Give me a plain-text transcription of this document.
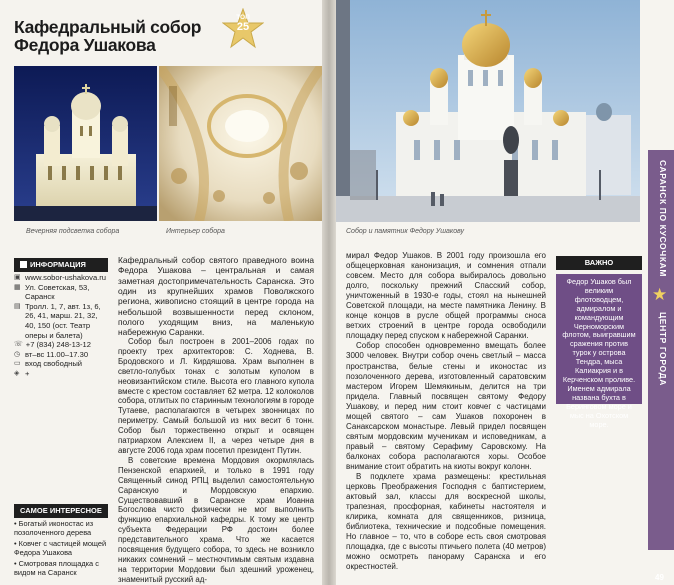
Кафедральный собор
Федора Ушакова
ТОП
25
Вечерняя подсветка собора	Интерьер собора
ИНФОРМАЦИЯ
▣ www.sobor-ushakova.ru
▦ Ул. Советская, 53, Саранск
▤ Тролл. 1, 7, авт. 1з, 6, 26, 41, марш. 21, 32, 40, 150 (ост. Театр оперы и балета)
☏ +7 (834) 248-13-12
◷ вт–вс 11.00–17.30
▭ вход свободный
◈ +
САМОЕ ИНТЕРЕСНОЕ
• Богатый иконостас из позолоченного дерева
• Ковчег с частицей мощей Федора Ушакова
• Смотровая площадка с видом на Саранск

Кафедральный собор святого праведного воина Федора Ушакова – центральная и самая заметная достопримечательность Саранска. Это один из крупнейших храмов Поволжского региона, живописно стоящий в центре города на небольшой возвышенности перед склоном, полого уходящим вниз, на маленькую набережную Саранки.

Собор был построен в 2001–2006 годах по проекту трех архитекторов: С. Ходнева, В. Бродовского и Л. Кирдяшова. Храм выполнен в светло-голубых тонах с золотым куполом в неовизантийском стиле. Высота его главного купола вместе с крестом составляет 62 метра. 12 колоколов собора, отлитых по старинным технологиям в городе Тутаеве, располагаются в четырех звонницах по периметру. Самый большой из них весит 6 тонн. Собор был торжественно открыт и освящен патриархом Алексием II, а через четыре дня в августе 2006 года храм посетил президент Путин.

В советские времена Мордовия окормлялась Пензенской епархией, и только в 1991 году Священный синод РПЦ выделил самостоятельную Саранскую и Мордовскую епархию. Существовавший в Саранске храм Иоанна Богослова чисто физически не мог выполнить функцию епархиальной кафедры. К тому же центр субъекта Федерации РФ достоин более представительного храма. Что же касается посвящения будущего собора, то здесь не возникло никаких сомнений – местночтимым святым издавна на территории Мордовии был здешний уроженец, знаменитый русский ад-

Собор и памятник Федору Ушакову

мирал Федор Ушаков. В 2001 году произошла его общецерковная канонизация, и сомнения отпали совсем. Место для собора выбиралось довольно долго, поскольку прежний Спасский собор, уничтоженный в 1930-е годы, стоял на нынешней Советской площади, на месте памятника Ленину. В конце концов в русле общей программы сноса ветхих строений в центре города освободили площадку перед спуском к набережной Саранки.

Собор способен одновременно вмещать более 3000 человек. Внутри собор очень светлый – масса пространства, белые стены и иконостас из позолоченного дерева, изготовленный саратовским мастером Игорем Шемякиным, делится на три придела. Главный посвящен святому Федору Ушакову, и перед ним стоит ковчег с частицами мощей святого – сам Ушаков похоронен в Санаксарском монастыре. Левый придел посвящен святым мордовским мученикам и исповедникам, а правый – святому Серафиму Саровскому. На балконах собора располагаются хоры. Особое внимание стоит обратить на киоты вокруг колонн.

В подклете храма размещены: крестильная церковь Преображения Господня с баптистерием, актовый зал, классы для воскресной школы, трапезная, просфорная, кабинеты настоятеля и клирика, комната для священников, ризница, библиотека, технические и подсобные помещения. Но главное – то, что в соборе есть своя смотровая площадка, где с высоты птичьего полета (40 метров) можно осмотреть панораму Саранска и его окрестностей.

ВАЖНО
Федор Ушаков был великим флотоводцем, адмиралом и командующим Черноморским флотом, выигравшим сражения против турок у острова Тендра, мыса Калиакрия и в Керченском проливе. Именем адмирала названа бухта в Беринговом море и мыс на Охотском море.
САРАНСК ПО КУСОЧКАМ
★
ЦЕНТР ГОРОДА
49
